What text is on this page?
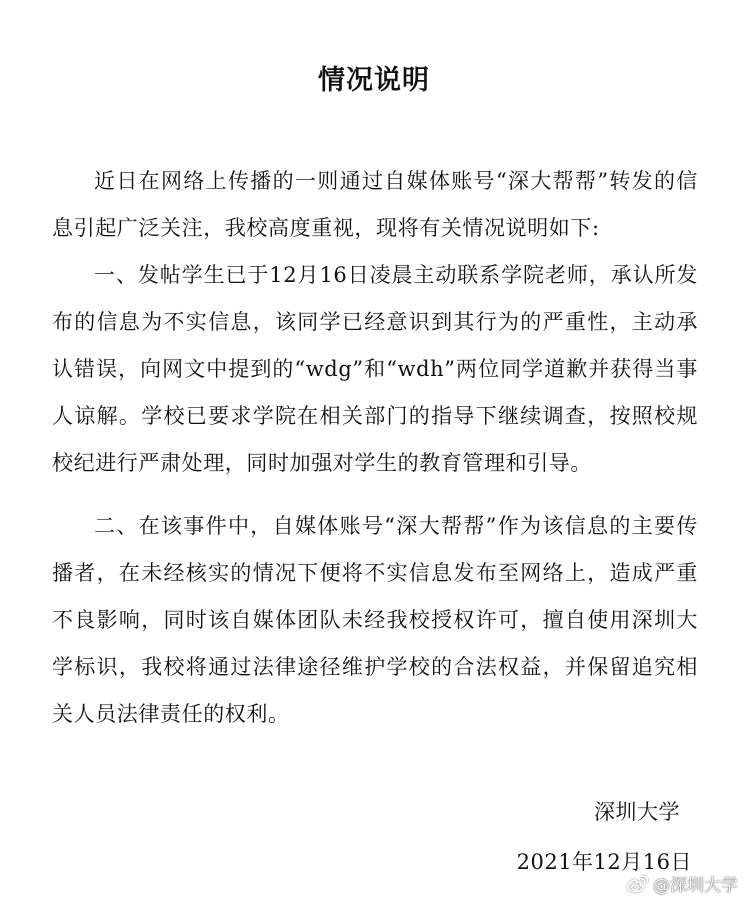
情况说明

近日在网络上传播的一则通过自媒体账号“深大帮帮”转发的信息引起广泛关注，我校高度重视，现将有关情况说明如下:

一、发帖学生已于12月16日凌晨主动联系学院老师，承认所发布的信息为不实信息，该同学已经意识到其行为的严重性，主动承认错误，向网文中提到的“wdg”和“wdh”两位同学道歉并获得当事人谅解。学校已要求学院在相关部门的指导下继续调查，按照校规校纪进行严肃处理，同时加强对学生的教育管理和引导。

二、在该事件中，自媒体账号“深大帮帮”作为该信息的主要传播者，在未经核实的情况下便将不实信息发布至网络上，造成严重不良影响，同时该自媒体团队未经我校授权许可，擅自使用深圳大学标识，我校将通过法律途径维护学校的合法权益，并保留追究相关人员法律责任的权利。

深圳大学
2021年12月16日
@深圳大学
